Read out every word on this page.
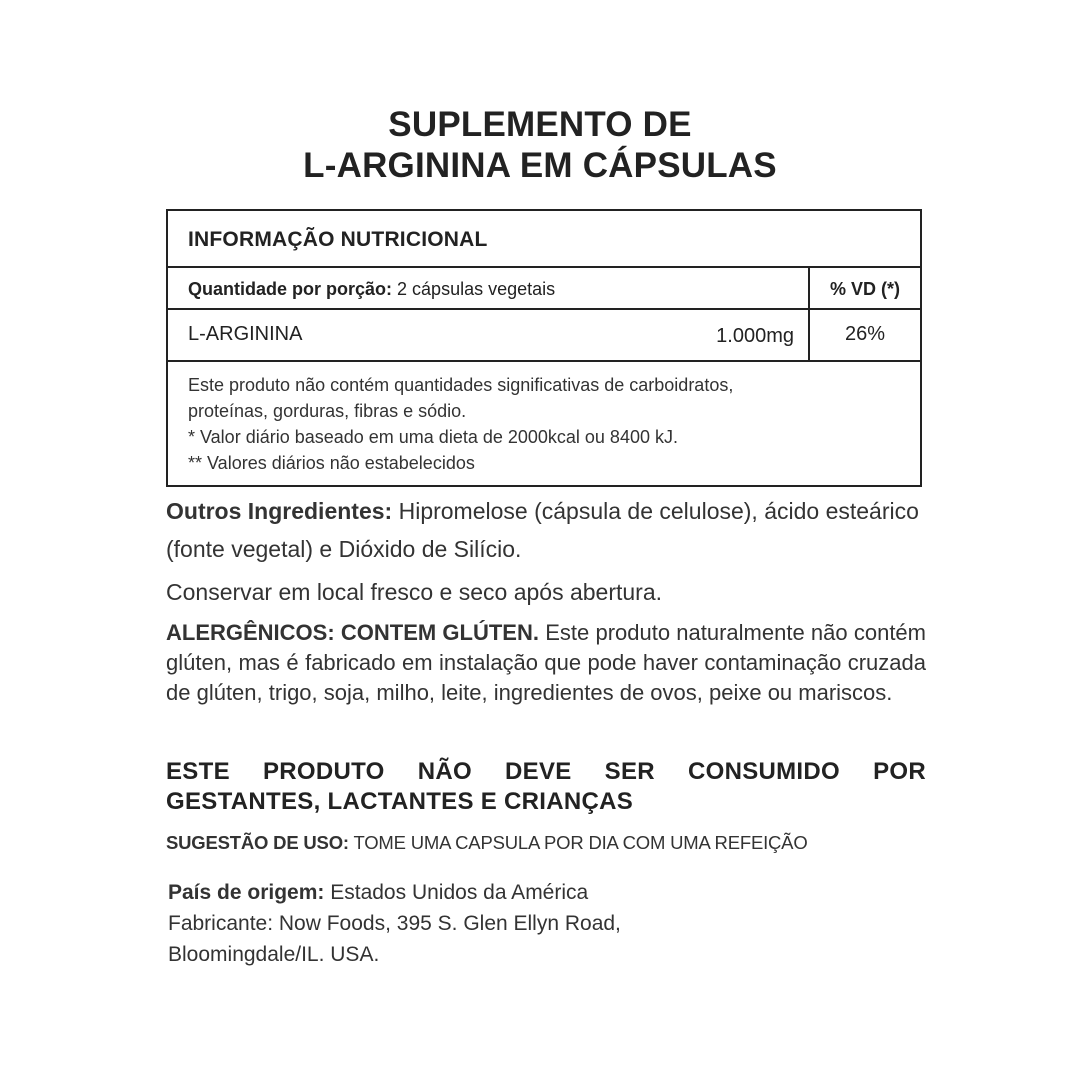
SUPLEMENTO DE
L-ARGININA EM CÁPSULAS
INFORMAÇÃO NUTRICIONAL
Quantidade por porção: 2 cápsulas vegetais	% VD (*)
L-ARGININA	1.000mg	26%
Este produto não contém quantidades significativas de carboidratos,
proteínas, gorduras, fibras e sódio.
* Valor diário baseado em uma dieta de 2000kcal ou 8400 kJ.
** Valores diários não estabelecidos
Outros Ingredientes: Hipromelose (cápsula de celulose), ácido esteárico (fonte vegetal) e Dióxido de Silício.
Conservar em local fresco e seco após abertura.
ALERGÊNICOS: CONTEM GLÚTEN. Este produto naturalmente não contém glúten, mas é fabricado em instalação que pode haver contaminação cruzada de glúten, trigo, soja, milho, leite, ingredientes de ovos, peixe ou mariscos.
ESTE PRODUTO NÃO DEVE SER CONSUMIDO POR GESTANTES, LACTANTES E CRIANÇAS
SUGESTÃO DE USO: TOME UMA CAPSULA POR DIA COM UMA REFEIÇÃO
País de origem: Estados Unidos da América
Fabricante: Now Foods, 395 S. Glen Ellyn Road,
Bloomingdale/IL. USA.
